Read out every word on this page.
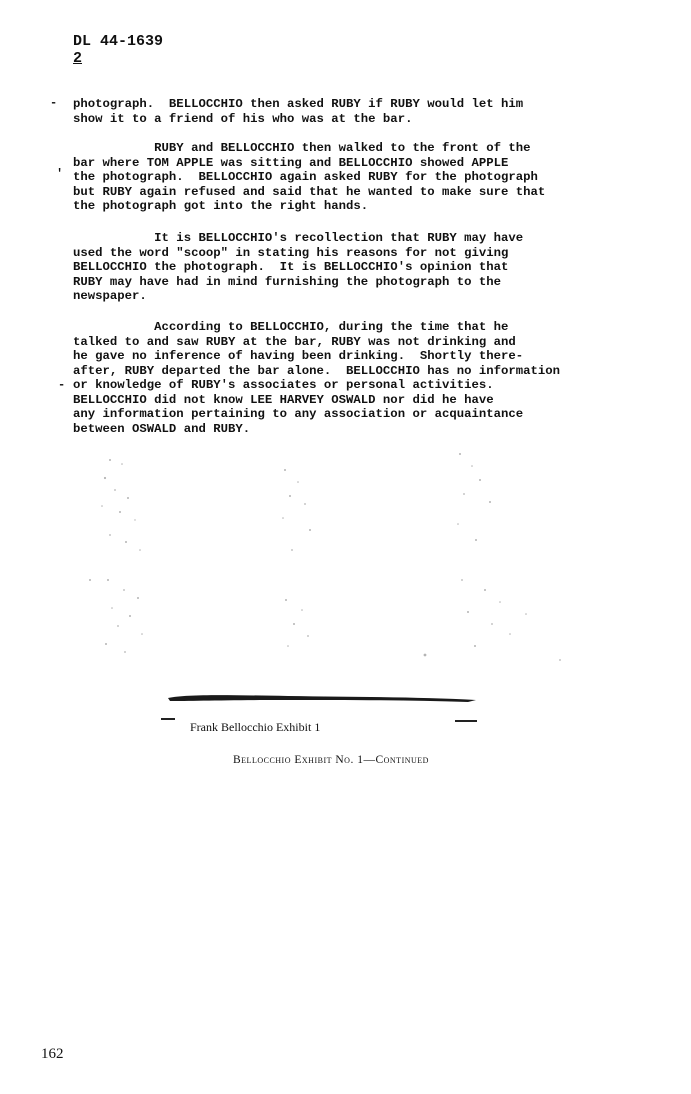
DL 44-1639
2
-
'
-

photograph.  BELLOCCHIO then asked RUBY if RUBY would let him
show it to a friend of his who was at the bar.

RUBY and BELLOCCHIO then walked to the front of the
bar where TOM APPLE was sitting and BELLOCCHIO showed APPLE
the photograph.  BELLOCCHIO again asked RUBY for the photograph
but RUBY again refused and said that he wanted to make sure that
the photograph got into the right hands.

It is BELLOCCHIO's recollection that RUBY may have
used the word "scoop" in stating his reasons for not giving
BELLOCCHIO the photograph.  It is BELLOCCHIO's opinion that
RUBY may have had in mind furnishing the photograph to the
newspaper.

According to BELLOCCHIO, during the time that he
talked to and saw RUBY at the bar, RUBY was not drinking and
he gave no inference of having been drinking.  Shortly there-
after, RUBY departed the bar alone.  BELLOCCHIO has no information
or knowledge of RUBY's associates or personal activities.
BELLOCCHIO did not know LEE HARVEY OSWALD nor did he have
any information pertaining to any association or acquaintance
between OSWALD and RUBY.

Frank Bellocchio Exhibit 1
Bellocchio Exhibit No. 1—Continued
162
